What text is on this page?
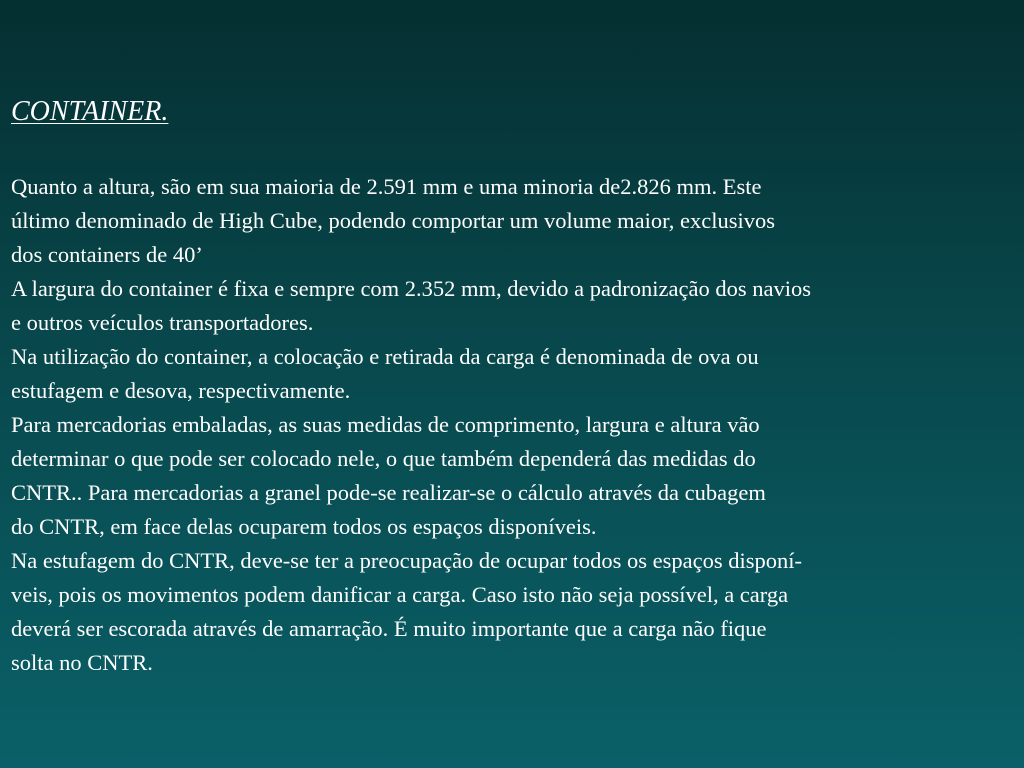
CONTAINER.
Quanto a altura, são em sua maioria de 2.591 mm e uma minoria de2.826 mm. Este
último denominado de High Cube, podendo comportar um volume maior, exclusivos
dos containers de 40’
A largura do container é fixa e sempre com 2.352 mm, devido a padronização dos navios
e outros veículos transportadores.
Na utilização do container, a colocação e retirada da carga é denominada de ova ou
estufagem e desova, respectivamente.
Para mercadorias embaladas, as suas medidas de comprimento, largura e altura vão
determinar o que pode ser colocado nele, o que também dependerá das medidas do
CNTR.. Para mercadorias a granel pode-se realizar-se o cálculo através da cubagem
do CNTR, em face delas ocuparem todos os espaços disponíveis.
Na estufagem do CNTR, deve-se ter a preocupação de ocupar todos os espaços disponí-
veis, pois os movimentos podem danificar a carga. Caso isto não seja possível, a carga
deverá ser escorada através de amarração. É muito importante que a carga não fique
solta no CNTR.
